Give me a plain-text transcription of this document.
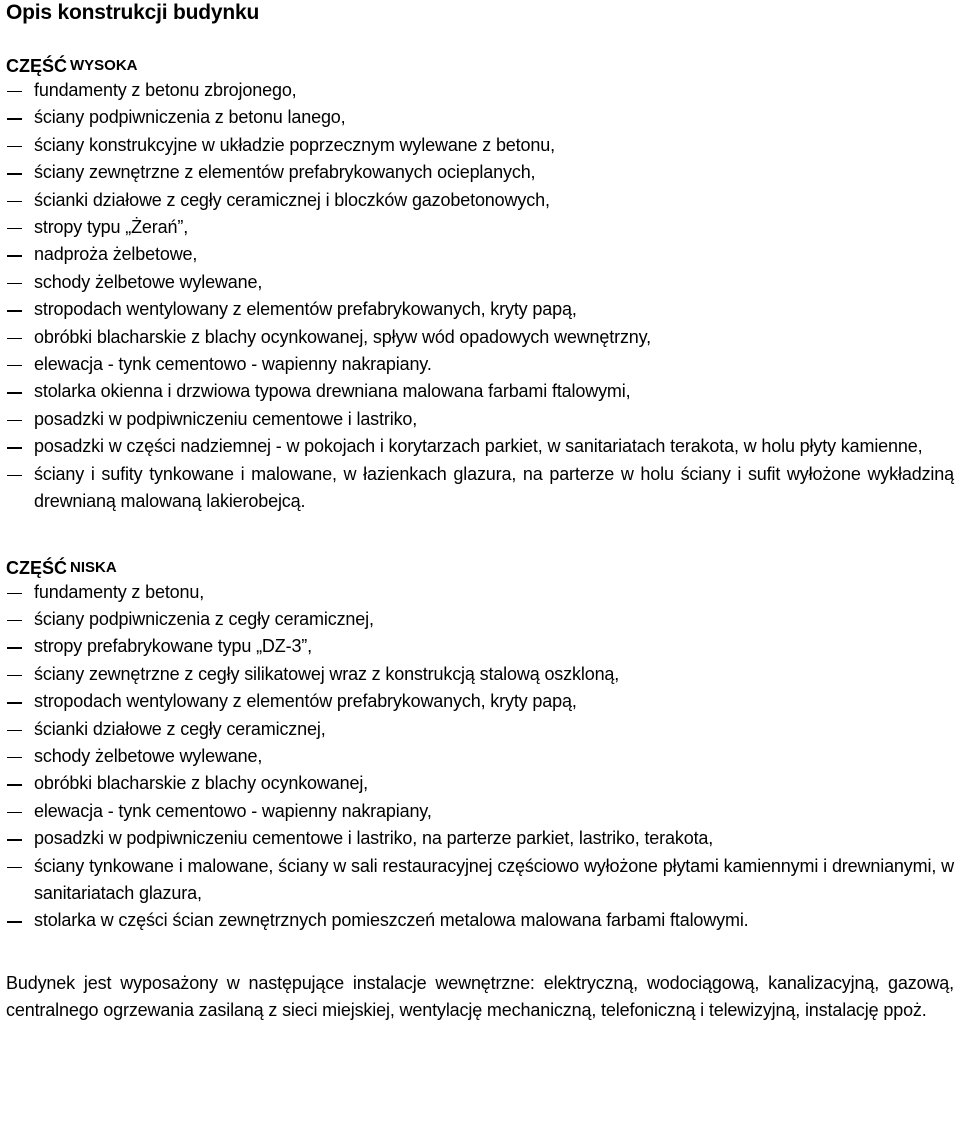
Opis konstrukcji budynku
CZĘŚĆ WYSOKA
fundamenty z betonu zbrojonego,
ściany podpiwniczenia z betonu lanego,
ściany konstrukcyjne w układzie poprzecznym wylewane z betonu,
ściany zewnętrzne z elementów prefabrykowanych ocieplanych,
ścianki działowe z cegły ceramicznej i bloczków gazobetonowych,
stropy typu „Żerań”,
nadproża żelbetowe,
schody żelbetowe wylewane,
stropodach wentylowany z elementów prefabrykowanych, kryty papą,
obróbki blacharskie z blachy ocynkowanej, spływ wód opadowych wewnętrzny,
elewacja - tynk cementowo - wapienny nakrapiany.
stolarka okienna i drzwiowa typowa drewniana malowana farbami ftalowymi,
posadzki w podpiwniczeniu cementowe i lastriko,
posadzki w części nadziemnej - w pokojach i korytarzach parkiet, w sanitariatach terakota, w holu płyty kamienne,
ściany i sufity tynkowane i malowane, w łazienkach glazura, na parterze w holu ściany i sufit wyłożone wykładziną drewnianą malowaną lakierobejcą.
CZĘŚĆ NISKA
fundamenty z betonu,
ściany podpiwniczenia z cegły ceramicznej,
stropy prefabrykowane typu „DZ-3”,
ściany zewnętrzne z cegły silikatowej wraz z konstrukcją stalową oszkloną,
stropodach wentylowany z elementów prefabrykowanych, kryty papą,
ścianki działowe z cegły ceramicznej,
schody żelbetowe wylewane,
obróbki blacharskie z blachy ocynkowanej,
elewacja - tynk cementowo - wapienny nakrapiany,
posadzki w podpiwniczeniu cementowe i lastriko, na parterze parkiet, lastriko, terakota,
ściany tynkowane i malowane, ściany w sali restauracyjnej częściowo wyłożone płytami kamiennymi i drewnianymi, w sanitariatach glazura,
stolarka w części ścian zewnętrznych pomieszczeń metalowa malowana farbami ftalowymi.

Budynek jest wyposażony w następujące instalacje wewnętrzne: elektryczną, wodociągową, kanalizacyjną, gazową, centralnego ogrzewania zasilaną z sieci miejskiej, wentylację mechaniczną, telefoniczną i telewizyjną, instalację ppoż.
